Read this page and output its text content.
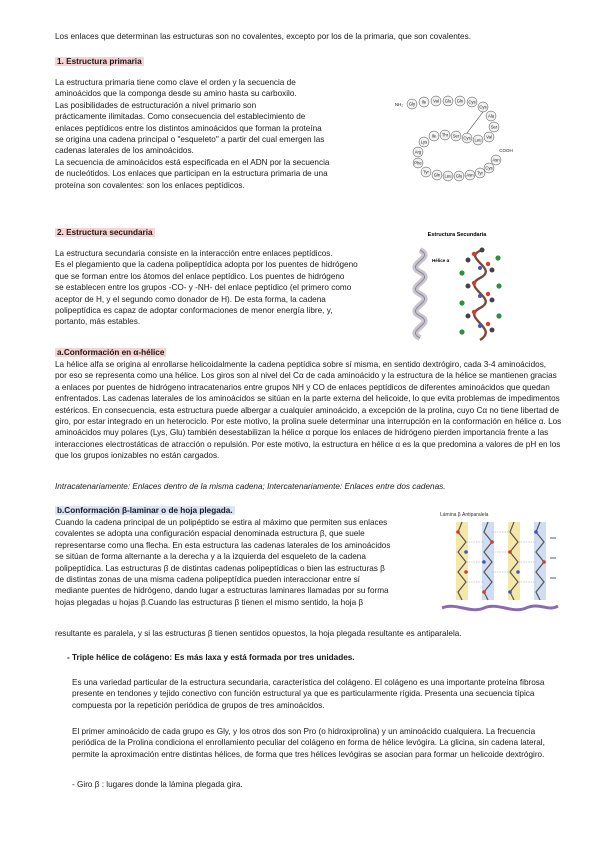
Los enlaces que determinan las estructuras son no covalentes, excepto por los de la primaria, que son covalentes.

1. Estructura primaria

La estructura primaria tiene como clave el orden y la secuencia de
aminoácidos que la componga desde su amino hasta su carboxilo.
Las posibilidades de estructuración a nivel primario son
prácticamente ilimitadas. Como consecuencia del establecimiento de
enlaces peptídicos entre los distintos aminoácidos que forman la proteína
se origina una cadena principal o "esqueleto" a partir del cual emergen las
cadenas laterales de los aminoácidos.
La secuencia de aminoácidos está especificada en el ADN por la secuencia
de nucleótidos. Los enlaces que participan en la estructura primaria de una
proteína son covalentes: son los enlaces peptídicos.
NH₂ Gly Ile Val Glu Gln Cys
Cys
Ala
Ser
Val
Leu
Cys
Ser
Thr
Ile
Lys
Arg
Phe
Tyr
Gln Leu Glu Asn Tyr
Cys
Asn
COOH

2. Estructura secundaria

La estructura secundaria consiste en la interacción entre enlaces peptídicos.
Es el plegamiento que la cadena polipeptídica adopta por los puentes de hidrógeno
que se forman entre los átomos del enlace peptídico. Los puentes de hidrógeno
se establecen entre los grupos -CO- y -NH- del enlace peptídico (el primero como
aceptor de H, y el segundo como donador de H). De esta forma, la cadena
polipeptídica es capaz de adoptar conformaciones de menor energía libre, y,
portanto, más estables.
Estructura Secundaria
Hélice α

a.Conformación en α-hélice

La hélice alfa se origina al enrollarse helicoidalmente la cadena peptídica sobre sí misma, en sentido dextrógiro, cada 3-4 aminoácidos,
por eso se representa como una hélice. Los giros son al nivel del Cα de cada aminoácido y la estructura de la hélice se mantienen gracias
a enlaces por puentes de hidrógeno intracatenarios entre grupos NH y CO de enlaces peptídicos de diferentes aminoácidos que quedan
enfrentados. Las cadenas laterales de los aminoácidos se sitúan en la parte externa del helicoide, lo que evita problemas de impedimentos
estéricos. En consecuencia, esta estructura puede albergar a cualquier aminoácido, a excepción de la prolina, cuyo Cα no tiene libertad de
giro, por estar integrado en un heterociclo. Por este motivo, la prolina suele determinar una interrupción en la conformación en hélice α. Los
aminoácidos muy polares (Lys, Glu) también desestabilizan la hélice α porque los enlaces de hidrógeno pierden importancia frente a las
interacciones electrostáticas de atracción o repulsión. Por este motivo, la estructura en hélice α es la que predomina a valores de pH en los
que los grupos ionizables no están cargados.

Intracatenariamente: Enlaces dentro de la misma cadena; Intercatenariamente: Enlaces entre dos cadenas.

b.Conformación β-laminar o de hoja plegada.

Cuando la cadena principal de un polipéptido se estira al máximo que permiten sus enlaces
covalentes se adopta una configuración espacial denominada estructura β, que suele
representarse como una flecha. En esta estructura las cadenas laterales de los aminoácidos
se sitúan de forma alternante a la derecha y a la izquierda del esqueleto de la cadena
polipeptídica. Las estructuras β de distintas cadenas polipeptídicas o bien las estructuras β
de distintas zonas de una misma cadena polipeptídica pueden interaccionar entre sí
mediante puentes de hidrógeno, dando lugar a estructuras laminares llamadas por su forma
hojas plegadas u hojas β.Cuando las estructuras β tienen el mismo sentido, la hoja β
Lámina β Antiparalela

resultante es paralela, y si las estructuras β tienen sentidos opuestos, la hoja plegada resultante es antiparalela.

- Triple hélice de colágeno: Es más laxa y está formada por tres unidades.

Es una variedad particular de la estructura secundaria, característica del colágeno. El colágeno es una importante proteína fibrosa
presente en tendones y tejido conectivo con función estructural ya que es particularmente rígida. Presenta una secuencia típica
compuesta por la repetición periódica de grupos de tres aminoácidos.
El primer aminoácido de cada grupo es Gly, y los otros dos son Pro (o hidroxiprolina) y un aminoácido cualquiera. La frecuencia
periódica de la Prolina condiciona el enrollamiento peculiar del colágeno en forma de hélice levógira. La glicina, sin cadena lateral,
permite la aproximación entre distintas hélices, de forma que tres hélices levógiras se asocian para formar un helicoide dextrógiro.

- Giro β : lugares donde la lámina plegada gira.
